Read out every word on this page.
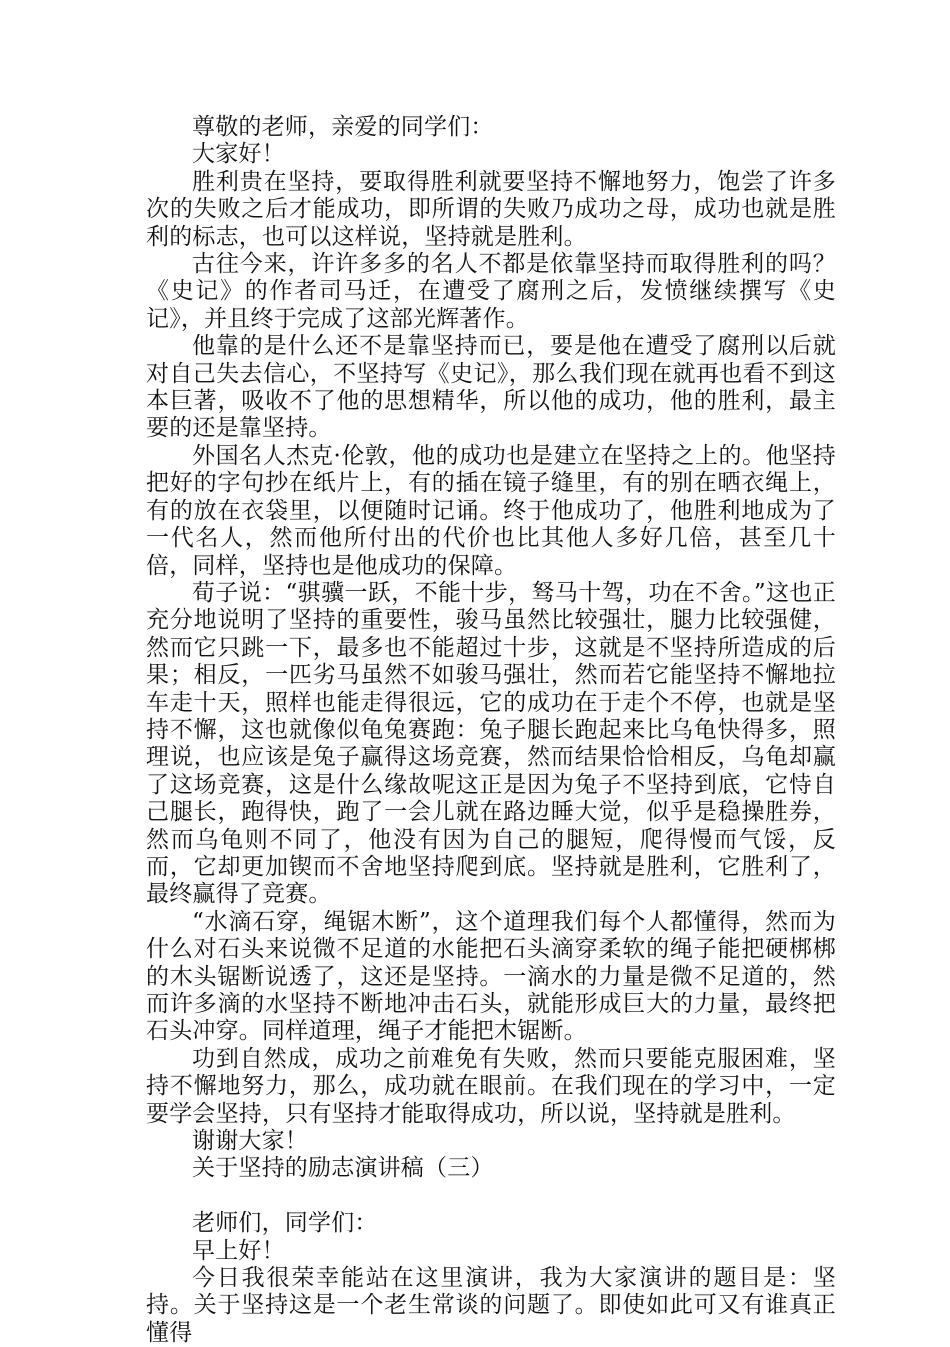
尊敬的老师，亲爱的同学们：

大家好！

胜利贵在坚持，要取得胜利就要坚持不懈地努力，饱尝了许多次的失败之后才能成功，即所谓的失败乃成功之母，成功也就是胜利的标志，也可以这样说，坚持就是胜利。

古往今来，许许多多的名人不都是依靠坚持而取得胜利的吗？《史记》的作者司马迁，在遭受了腐刑之后，发愤继续撰写《史记》，并且终于完成了这部光辉著作。

他靠的是什么还不是靠坚持而已，要是他在遭受了腐刑以后就对自己失去信心，不坚持写《史记》，那么我们现在就再也看不到这本巨著，吸收不了他的思想精华，所以他的成功，他的胜利，最主要的还是靠坚持。

外国名人杰克·伦敦，他的成功也是建立在坚持之上的。他坚持把好的字句抄在纸片上，有的插在镜子缝里，有的别在晒衣绳上，有的放在衣袋里，以便随时记诵。终于他成功了，他胜利地成为了一代名人，然而他所付出的代价也比其他人多好几倍，甚至几十倍，同样，坚持也是他成功的保障。

荀子说：“骐骥一跃，不能十步，驽马十驾，功在不舍。”这也正充分地说明了坚持的重要性，骏马虽然比较强壮，腿力比较强健，然而它只跳一下，最多也不能超过十步，这就是不坚持所造成的后果；相反，一匹劣马虽然不如骏马强壮，然而若它能坚持不懈地拉车走十天，照样也能走得很远，它的成功在于走个不停，也就是坚持不懈，这也就像似龟兔赛跑：兔子腿长跑起来比乌龟快得多，照理说，也应该是兔子赢得这场竞赛，然而结果恰恰相反，乌龟却赢了这场竞赛，这是什么缘故呢这正是因为兔子不坚持到底，它恃自己腿长，跑得快，跑了一会儿就在路边睡大觉，似乎是稳操胜券，然而乌龟则不同了，他没有因为自己的腿短，爬得慢而气馁，反而，它却更加锲而不舍地坚持爬到底。坚持就是胜利，它胜利了，最终赢得了竞赛。

“水滴石穿，绳锯木断”，这个道理我们每个人都懂得，然而为什么对石头来说微不足道的水能把石头滴穿柔软的绳子能把硬梆梆的木头锯断说透了，这还是坚持。一滴水的力量是微不足道的，然而许多滴的水坚持不断地冲击石头，就能形成巨大的力量，最终把石头冲穿。同样道理，绳子才能把木锯断。

功到自然成，成功之前难免有失败，然而只要能克服困难，坚持不懈地努力，那么，成功就在眼前。在我们现在的学习中，一定要学会坚持，只有坚持才能取得成功，所以说，坚持就是胜利。

谢谢大家！

关于坚持的励志演讲稿（三）

老师们，同学们：

早上好！

今日我很荣幸能站在这里演讲，我为大家演讲的题目是：坚持。关于坚持这是一个老生常谈的问题了。即使如此可又有谁真正懂得
